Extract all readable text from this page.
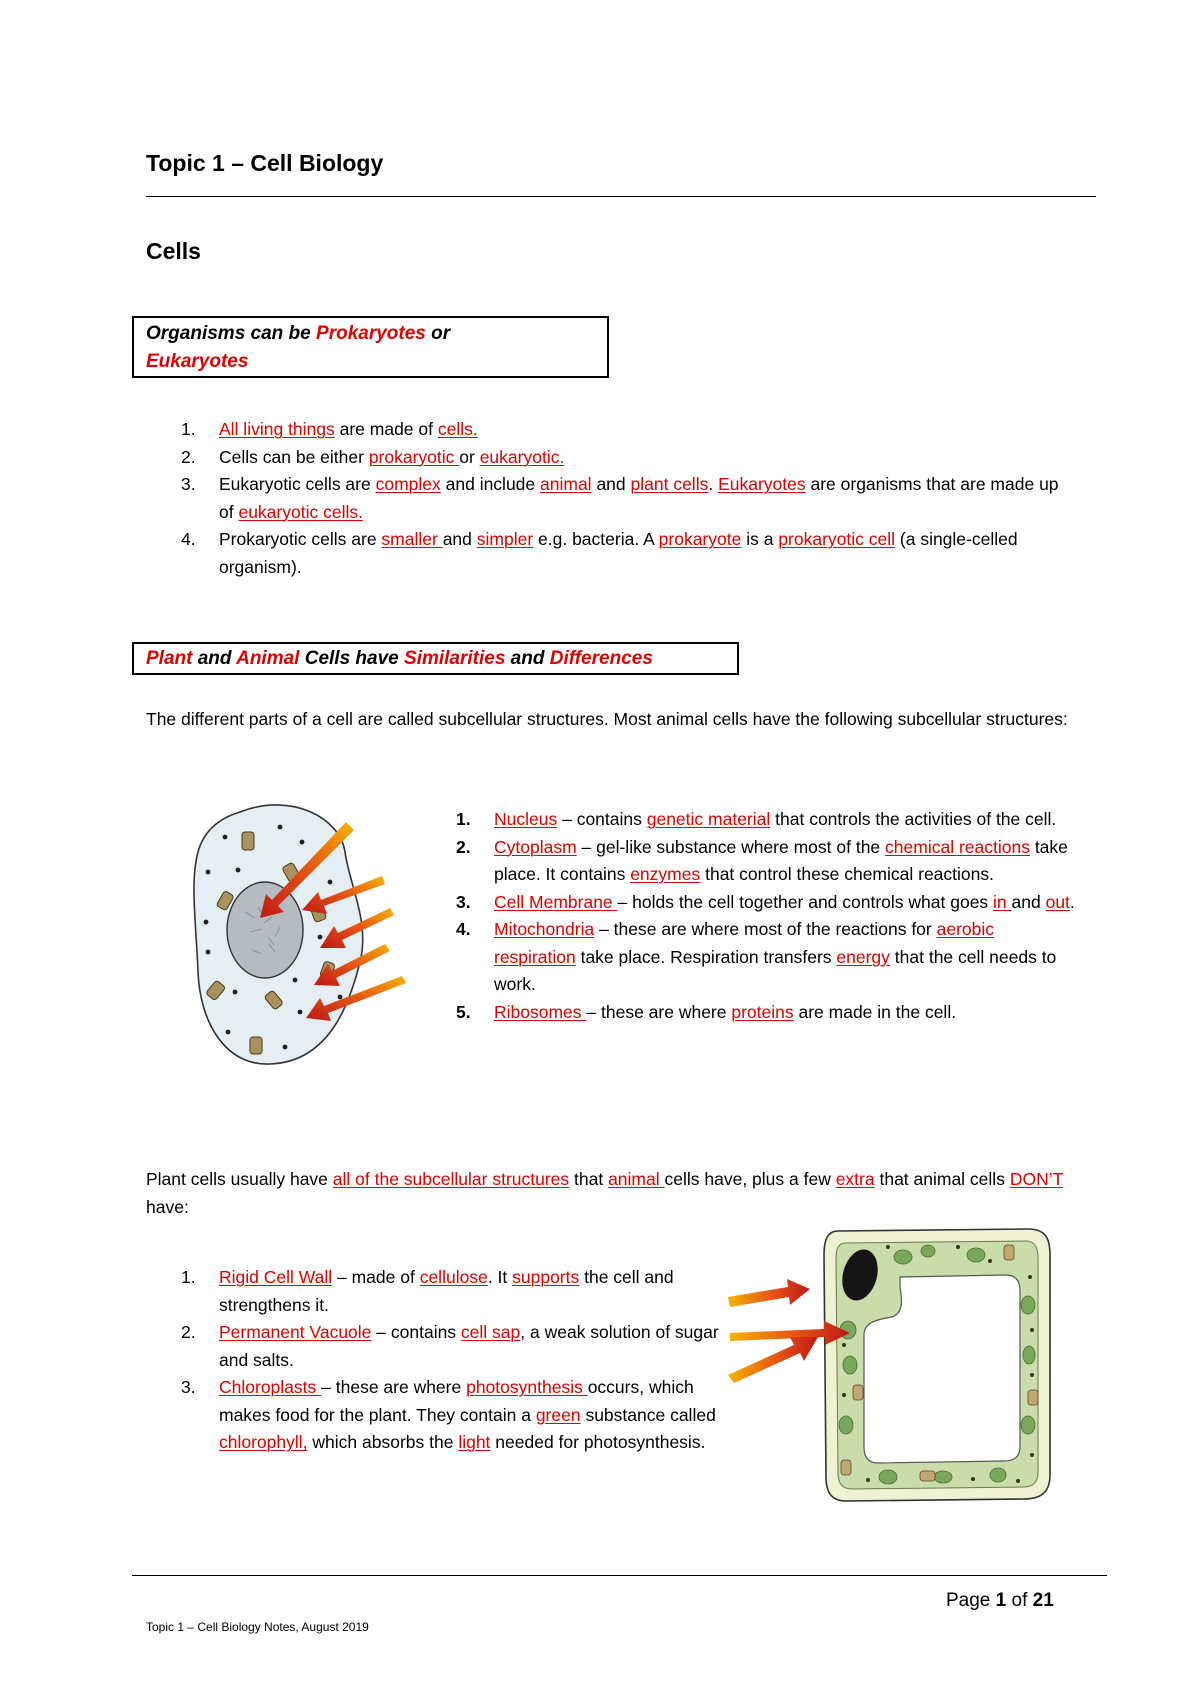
Topic 1 – Cell Biology
Cells
Organisms can be Prokaryotes or
Eukaryotes
1.	All living things are made of cells.
2.	Cells can be either prokaryotic or eukaryotic.
3.	Eukaryotic cells are complex and include animal and plant cells. Eukaryotes are organisms that are made up of eukaryotic cells.
4.	Prokaryotic cells are smaller and simpler e.g. bacteria. A prokaryote is a prokaryotic cell (a single-celled organism).
Plant and Animal Cells have Similarities and Differences

The different parts of a cell are called subcellular structures. Most animal cells have the following subcellular structures:

1.	Nucleus – contains genetic material that controls the activities of the cell.
2.	Cytoplasm – gel-like substance where most of the chemical reactions take place. It contains enzymes that control these chemical reactions.
3.	Cell Membrane – holds the cell together and controls what goes in and out.
4.	Mitochondria – these are where most of the reactions for aerobic respiration take place. Respiration transfers energy that the cell needs to work.
5.	Ribosomes – these are where proteins are made in the cell.

Plant cells usually have all of the subcellular structures that animal cells have, plus a few extra that animal cells DON’T have:

1.	Rigid Cell Wall – made of cellulose. It supports the cell and strengthens it.
2.	Permanent Vacuole – contains cell sap, a weak solution of sugar and salts.
3.	Chloroplasts – these are where photosynthesis occurs, which makes food for the plant. They contain a green substance called chlorophyll, which absorbs the light needed for photosynthesis.
Page 1 of 21
Topic 1 – Cell Biology Notes, August 2019
